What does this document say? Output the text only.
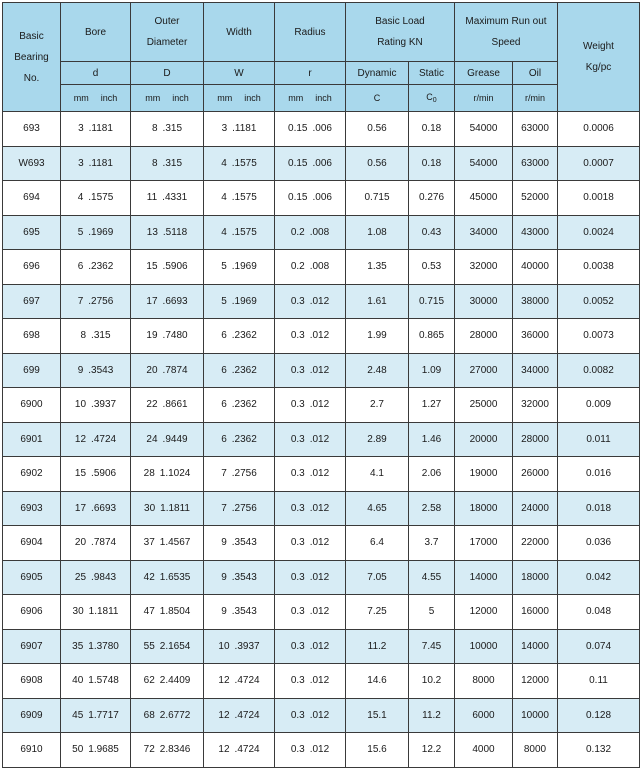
Basic Bearing No.	Bore	Outer Diameter	Width	Radius	Basic Load Rating KN		Maximum Run out Speed		Weight Kg/pc
	d	D	W	r	Dynamic	Static	Grease	Oil	
	mm inch	mm inch	mm inch	mm inch	C	$C_0$	r/min	r/min	
693	3 .1181	8 .315	3 .1181	0.15 .006	0.56	0.18	54000	63000	0.0006
W693	3 .1181	8 .315	4 .1575	0.15 .006	0.56	0.18	54000	63000	0.0007
694	4 .1575	11 .4331	4 .1575	0.15 .006	0.715	0.276	45000	52000	0.0018
695	5 .1969	13 .5118	4 .1575	0.2 .008	1.08	0.43	34000	43000	0.0024
696	6 .2362	15 .5906	5 .1969	0.2 .008	1.35	0.53	32000	40000	0.0038
697	7 .2756	17 .6693	5 .1969	0.3 .012	1.61	0.715	30000	38000	0.0052
698	8 .315	19 .7480	6 .2362	0.3 .012	1.99	0.865	28000	36000	0.0073
699	9 .3543	20 .7874	6 .2362	0.3 .012	2.48	1.09	27000	34000	0.0082
6900	10 .3937	22 .8661	6 .2362	0.3 .012	2.7	1.27	25000	32000	0.009
6901	12 .4724	24 .9449	6 .2362	0.3 .012	2.89	1.46	20000	28000	0.011
6902	15 .5906	28 1.1024	7 .2756	0.3 .012	4.1	2.06	19000	26000	0.016
6903	17 .6693	30 1.1811	7 .2756	0.3 .012	4.65	2.58	18000	24000	0.018
6904	20 .7874	37 1.4567	9 .3543	0.3 .012	6.4	3.7	17000	22000	0.036
6905	25 .9843	42 1.6535	9 .3543	0.3 .012	7.05	4.55	14000	18000	0.042
6906	30 1.1811	47 1.8504	9 .3543	0.3 .012	7.25	5	12000	16000	0.048
6907	35 1.3780	55 2.1654	10 .3937	0.3 .012	11.2	7.45	10000	14000	0.074
6908	40 1.5748	62 2.4409	12 .4724	0.3 .012	14.6	10.2	8000	12000	0.11
6909	45 1.7717	68 2.6772	12 .4724	0.3 .012	15.1	11.2	6000	10000	0.128
6910	50 1.9685	72 2.8346	12 .4724	0.3 .012	15.6	12.2	4000	8000	0.132
